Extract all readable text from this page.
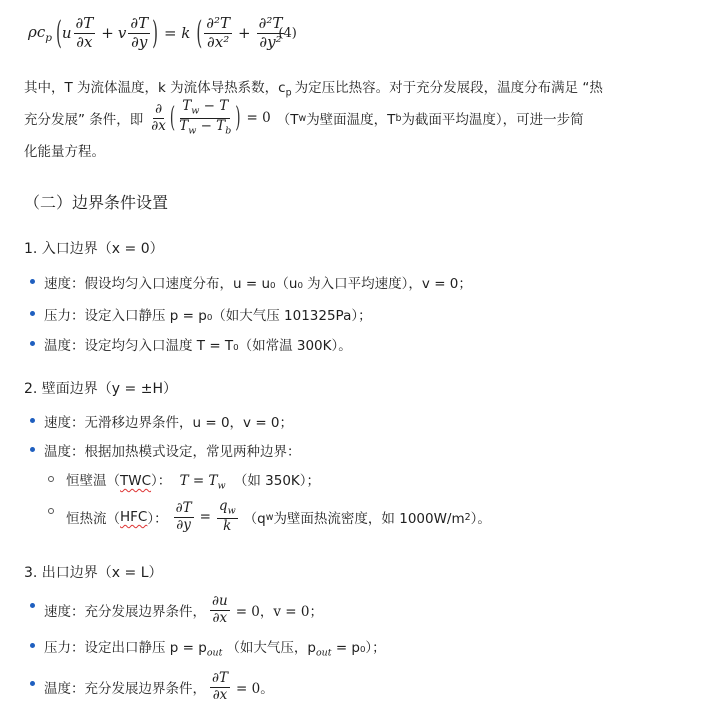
$\rho c_p$ ( u $\frac{\partial T}{\partial x} + v \frac{\partial T}{\partial y}$ ) = k ( $\frac{\text{∂²T}}{\text{∂x²}} + \frac{\text{∂²T}}{\text{∂y²}}$
(4)
其中，T 为流体温度，k 为流体导热系数，$c_p$ 为定压比热容。对于充分发展段，温度分布满足 “热
充分发展” 条件，即 $\frac{\partial}{\partial x}$ ( $\frac{T_w - T}{T_w - T_b}$ ) = 0 （T w 为壁面温度，T b 为截面平均温度），可进一步简
化能量方程。
（二）边界条件设置
1. 入口边界（x = 0）
速度：假设均匀入口速度分布，u = u₀（u₀ 为入口平均速度），v = 0；
压力：设定入口静压 p = p₀（如大气压 101325Pa）；
温度：设定均匀入口温度 T = T₀（如常温 300K）。
2. 壁面边界（y = ±H）
速度：无滑移边界条件，u = 0，v = 0；
温度：根据加热模式设定，常见两种边界：
恒壁温（TWC）： $T = T_w$ （如 350K）；
恒热流（ HFC ）： $\frac{\partial T}{\partial y} = \frac{q_w}{k} (q$ w 为壁面热流密度，如 1000W/m 2 ）。
3. 出口边界（x = L）
速度：充分发展边界条件， $\frac{\partial u}{\partial x} = 0$，v = 0；
压力：设定出口静压 $p = p_{out}$ （如大气压，$p_{out} = p_0$）；
温度：充分发展边界条件， $\frac{\partial T}{\partial x} = 0$。
